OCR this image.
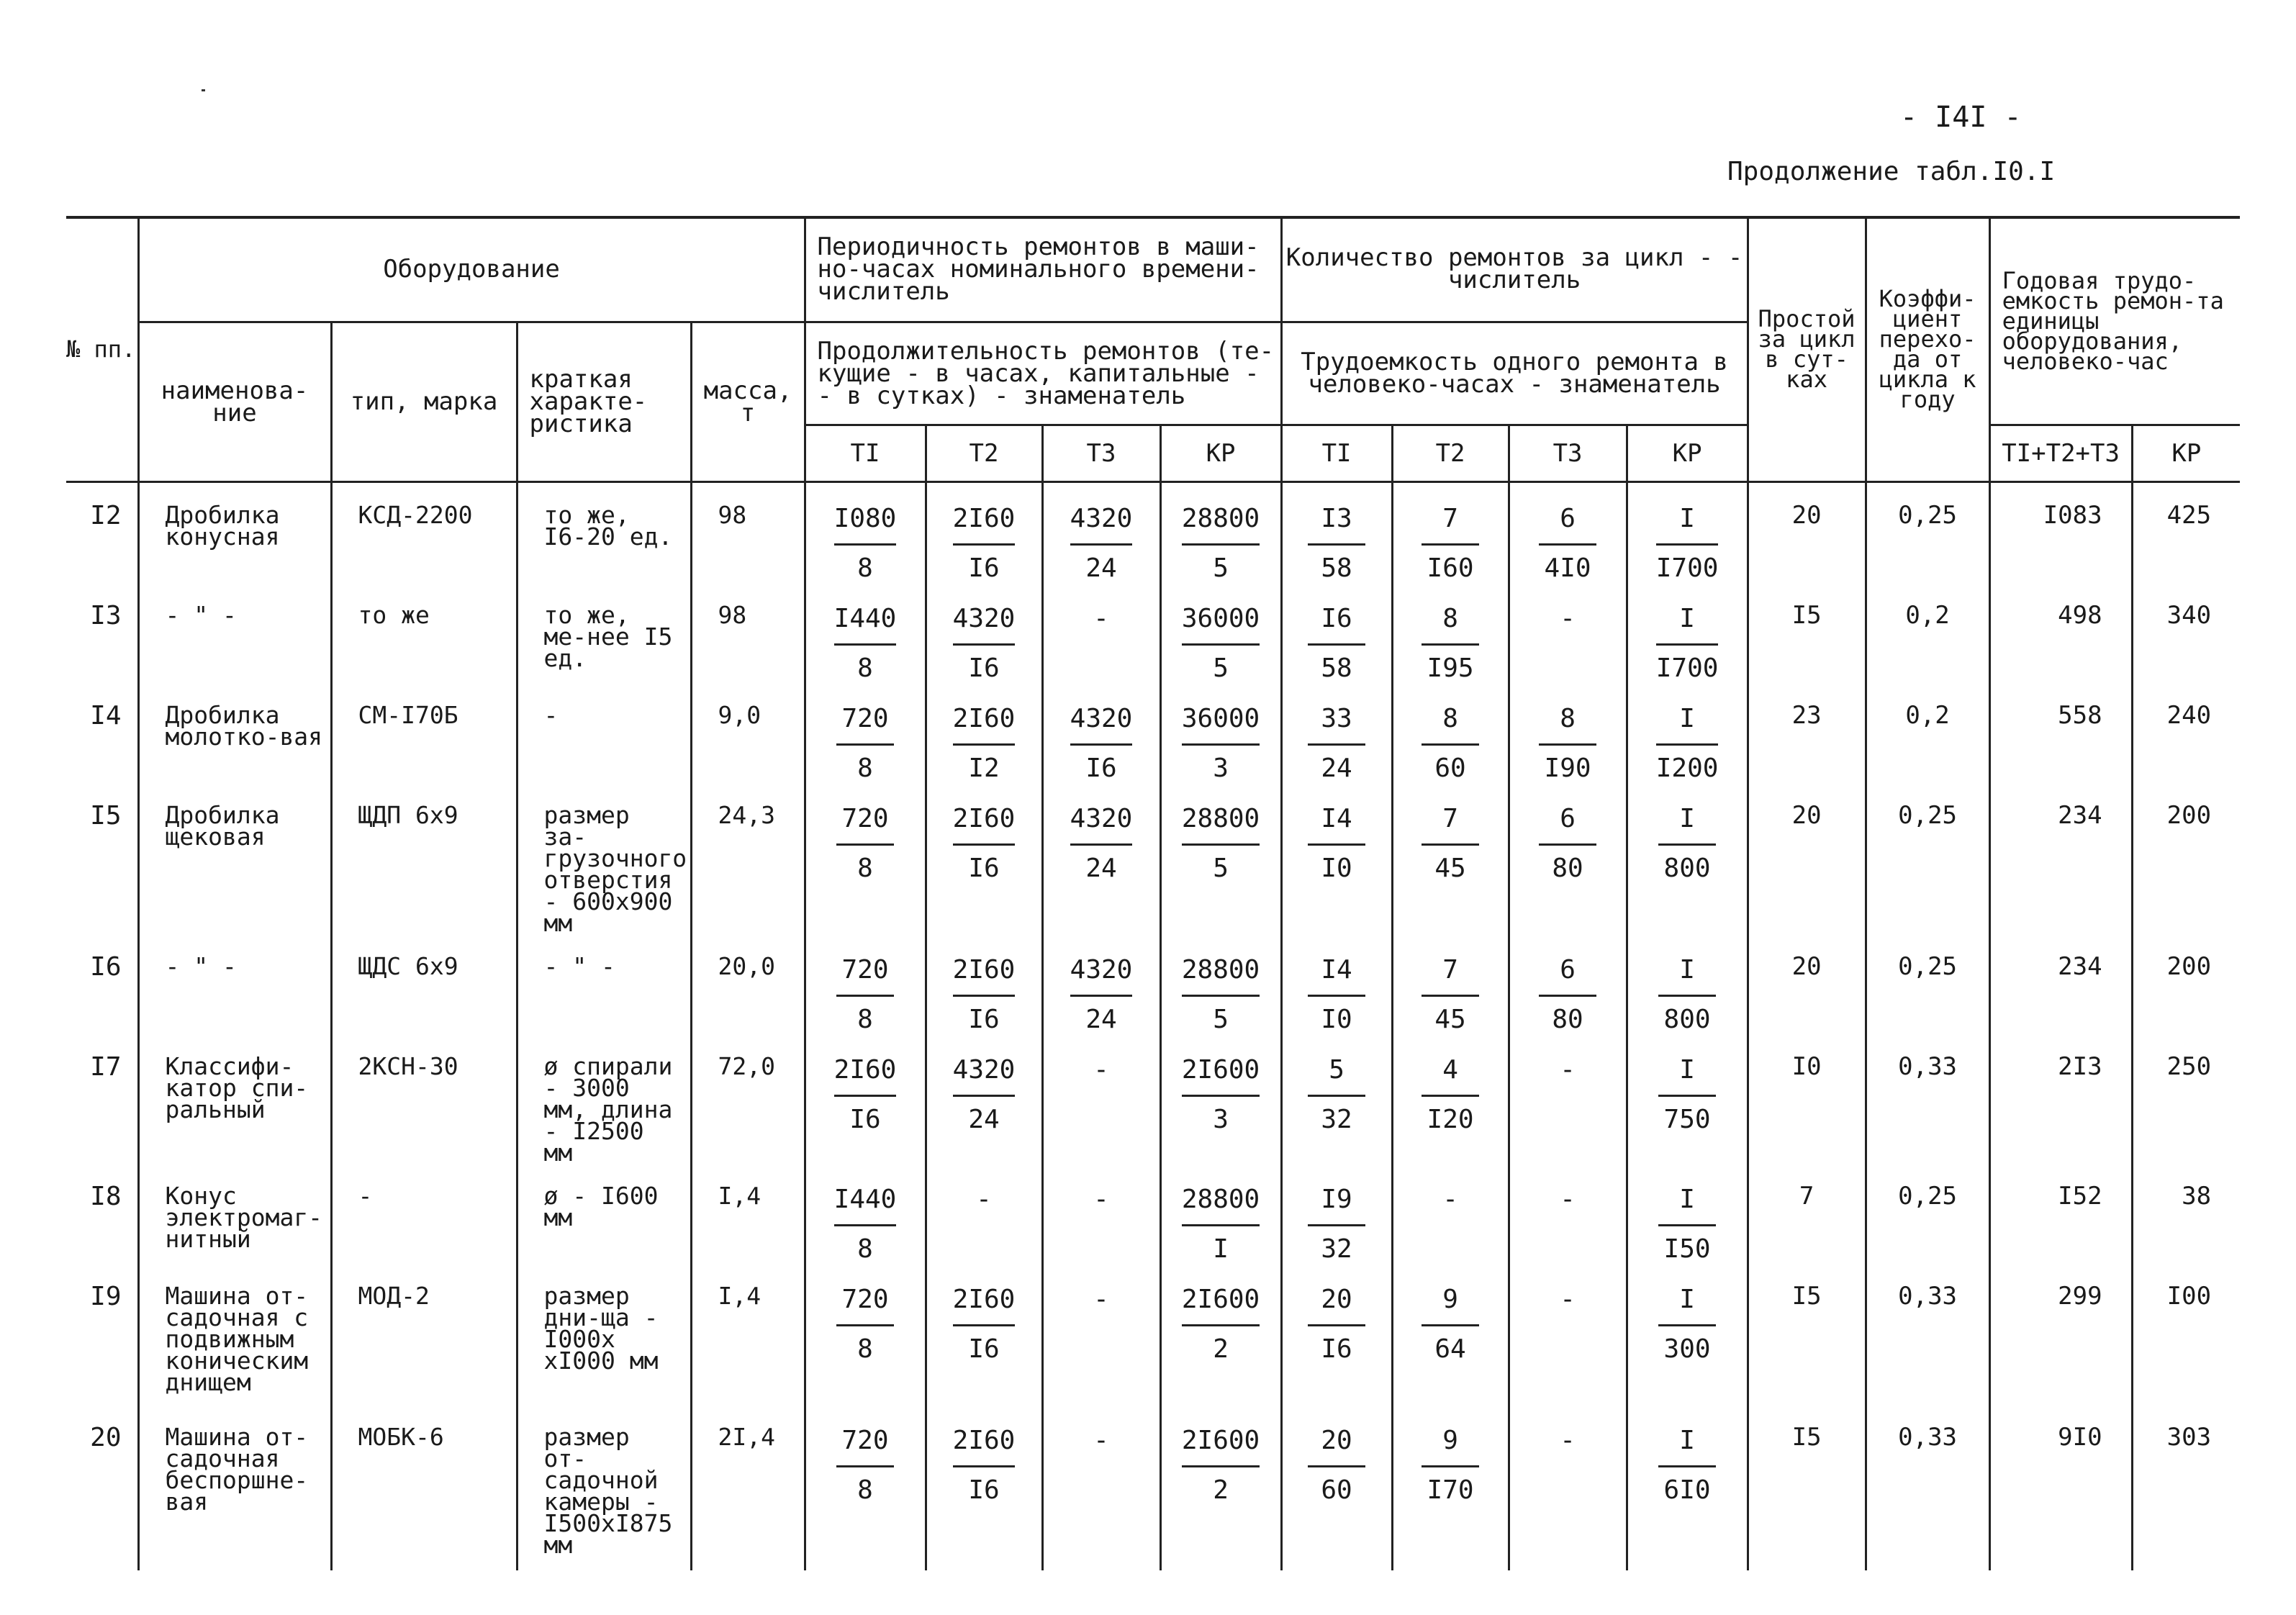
- I4I -
Продолжение табл.I0.I
№ пп.	Оборудование				Периодичность ремонтов в маши-но-часах номинального времени-числитель				Количество ремонтов за цикл - - числитель				Простой за цикл в сут-ках	Коэффи-циент перехо-да от цикла к году	Годовая трудо-емкость ремон-та единицы оборудования, человеко-час	
	наименова-ние	тип, марка	краткая характе-ристика	масса, т	Продолжительность ремонтов (те-кущие - в часах, капитальные - - в сутках) - знаменатель				Трудоемкость одного ремонта в человеко-часах - знаменатель							
					TI	T2	T3	КР	TI	T2	T3	КР			TI+T2+T3	КР
I2	Дробилка конусная	КСД-2200	то же, I6-20 ед.	98	$\frac{I080}{8}$	$\frac{2I60}{I6}$	$\frac{4320}{24}$	$\frac{28800}{5}$	$\frac{I3}{58}$	$\frac{7}{I60}$	$\frac{6}{4I0}$	$\frac{I}{I700}$	20	0,25	I083	425
I3	- " -	то же	то же, ме-нее I5 ед.	98	$\frac{I440}{8}$	$\frac{4320}{I6}$	-	$\frac{36000}{5}$	$\frac{I6}{58}$	$\frac{8}{I95}$	-	$\frac{I}{I700}$	I5	0,2	498	340
I4	Дробилка молотко-вая	СМ-I70Б	-	9,0	$\frac{720}{8}$	$\frac{2I60}{I2}$	$\frac{4320}{I6}$	$\frac{36000}{3}$	$\frac{33}{24}$	$\frac{8}{60}$	$\frac{8}{I90}$	$\frac{I}{I200}$	23	0,2	558	240
I5	Дробилка щековая	ЩДП 6х9	размер за-грузочного отверстия - 600х900 мм	24,3	$\frac{720}{8}$	$\frac{2I60}{I6}$	$\frac{4320}{24}$	$\frac{28800}{5}$	$\frac{I4}{I0}$	$\frac{7}{45}$	$\frac{6}{80}$	$\frac{I}{800}$	20	0,25	234	200
I6	- " -	ЩДС 6х9	- " -	20,0	$\frac{720}{8}$	$\frac{2I60}{I6}$	$\frac{4320}{24}$	$\frac{28800}{5}$	$\frac{I4}{I0}$	$\frac{7}{45}$	$\frac{6}{80}$	$\frac{I}{800}$	20	0,25	234	200
I7	Классифи-катор спи-ральный	2КСН-30	ø спирали - 3000 мм, длина - I2500 мм	72,0	$\frac{2I60}{I6}$	$\frac{4320}{24}$	-	$\frac{2I600}{3}$	$\frac{5}{32}$	$\frac{4}{I20}$	-	$\frac{I}{750}$	I0	0,33	2I3	250
I8	Конус электромаг-нитный	-	ø - I600 мм	I,4	$\frac{I440}{8}$	-	-	$\frac{28800}{I}$	$\frac{I9}{32}$	-	-	$\frac{I}{I50}$	7	0,25	I52	38
I9	Машина от-садочная с подвижным коническим днищем	МОД-2	размер дни-ща - I000х хI000 мм	I,4	$\frac{720}{8}$	$\frac{2I60}{I6}$	-	$\frac{2I600}{2}$	$\frac{20}{I6}$	$\frac{9}{64}$	-	$\frac{I}{300}$	I5	0,33	299	I00
20	Машина от-садочная беспоршне-вая	МОБК-6	размер от-садочной камеры - I500хI875 мм	2I,4	$\frac{720}{8}$	$\frac{2I60}{I6}$	-	$\frac{2I600}{2}$	$\frac{20}{60}$	$\frac{9}{I70}$	-	$\frac{I}{6I0}$	I5	0,33	9I0	303
